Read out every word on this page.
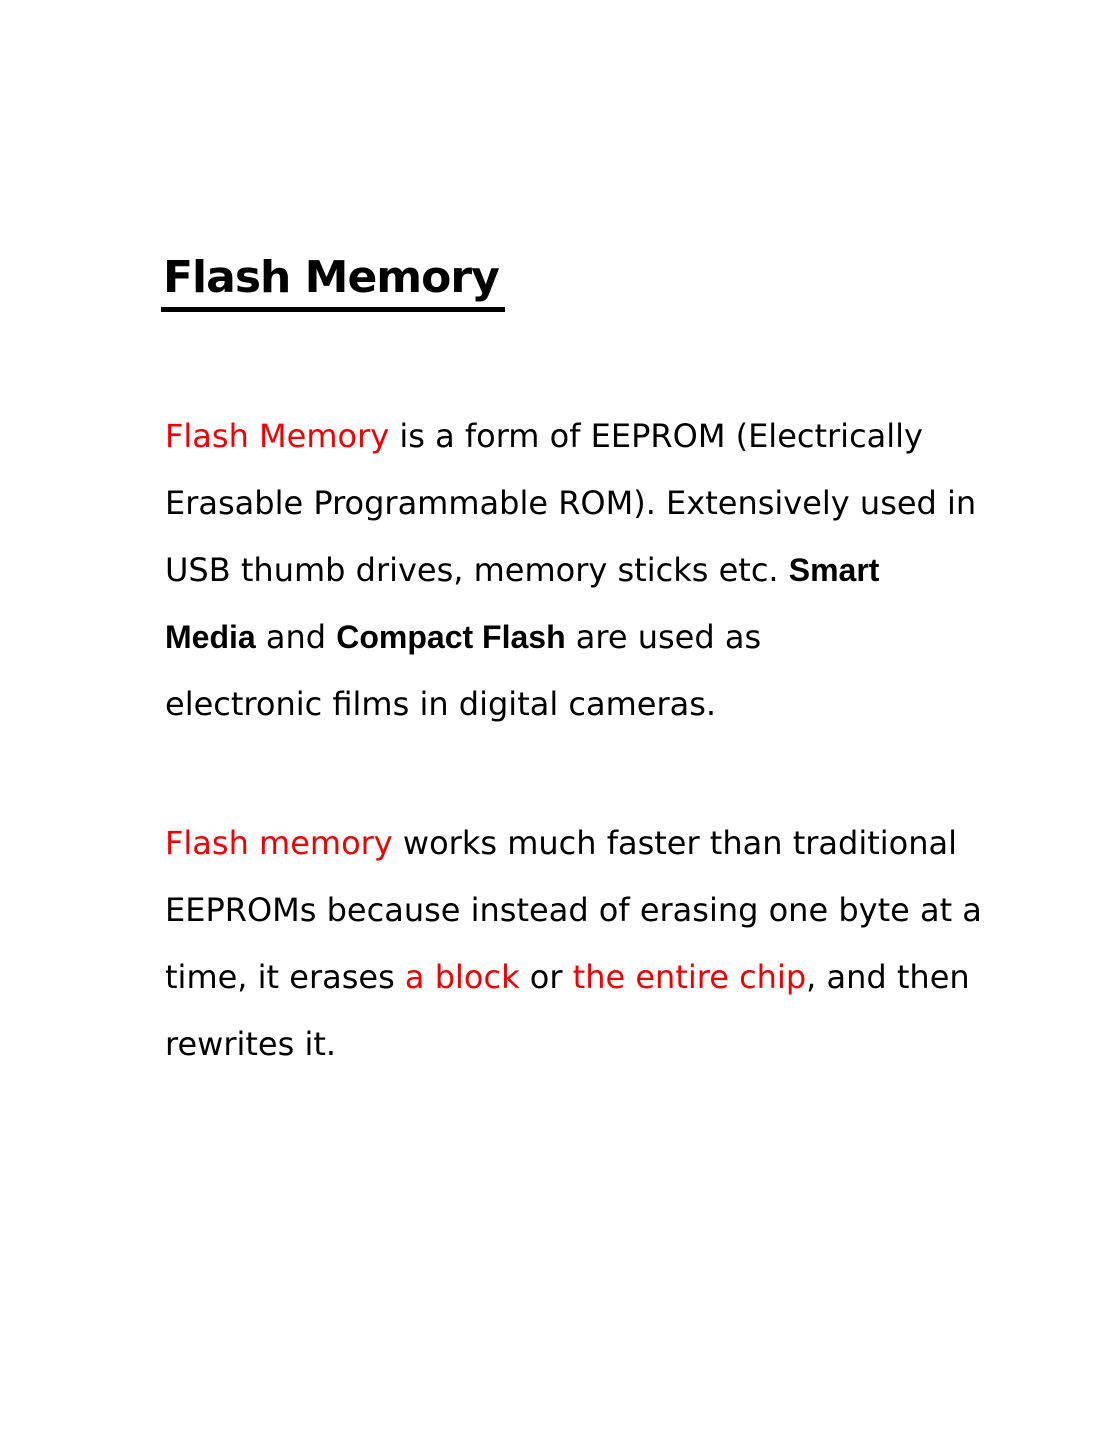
Flash Memory
Flash Memory is a form of EEPROM (Electrically
Erasable Programmable ROM). Extensively used in
USB thumb drives, memory sticks etc. Smart
Media and Compact Flash are used as
electronic films in digital cameras.
Flash memory works much faster than traditional
EEPROMs because instead of erasing one byte at a
time, it erases a block or the entire chip, and then
rewrites it.
